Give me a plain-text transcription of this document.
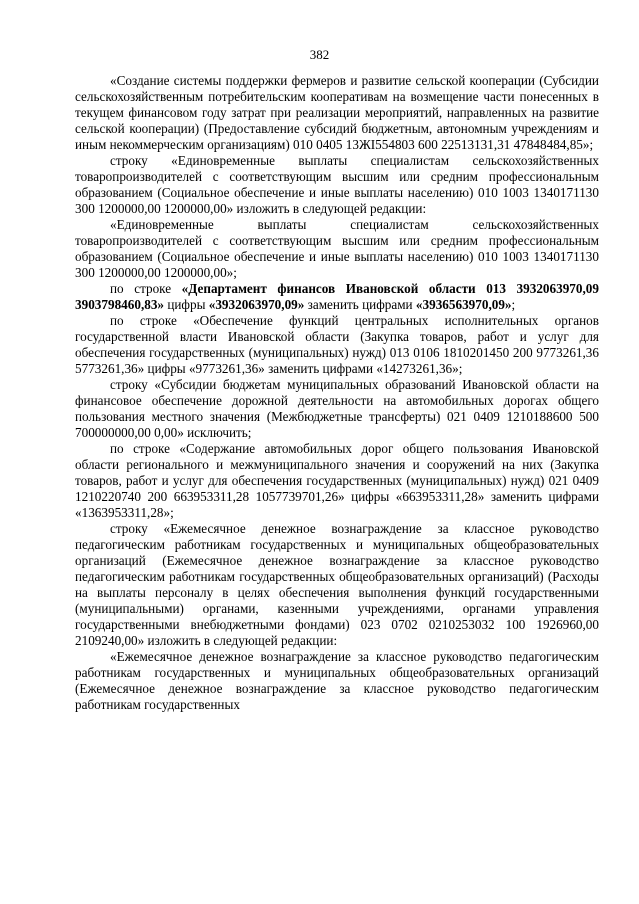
382

«Создание системы поддержки фермеров и развитие сельской кооперации (Субсидии сельскохозяйственным потребительским кооперативам на возмещение части понесенных в текущем финансовом году затрат при реализации мероприятий, направленных на развитие сельской кооперации) (Предоставление субсидий бюджетным, автономным учреждениям и иным некоммерческим организациям) 010 0405 13ЖI554803 600 22513131,31 47848484,85»;

строку «Единовременные выплаты специалистам сельскохозяйственных товаропроизводителей с соответствующим высшим или средним профессиональным образованием (Социальное обеспечение и иные выплаты населению) 010 1003 1340171130 300 1200000,00 1200000,00» изложить в следующей редакции:

«Единовременные выплаты специалистам сельскохозяйственных товаропроизводителей с соответствующим высшим или средним профессиональным образованием (Социальное обеспечение и иные выплаты населению) 010 1003 1340171130 300 1200000,00 1200000,00»;

по строке «Департамент финансов Ивановской области 013 3932063970,09 3903798460,83» цифры «3932063970,09» заменить цифрами «3936563970,09»;

по строке «Обеспечение функций центральных исполнительных органов государственной власти Ивановской области (Закупка товаров, работ и услуг для обеспечения государственных (муниципальных) нужд) 013 0106 1810201450 200 9773261,36 5773261,36» цифры «9773261,36» заменить цифрами «14273261,36»;

строку «Субсидии бюджетам муниципальных образований Ивановской области на финансовое обеспечение дорожной деятельности на автомобильных дорогах общего пользования местного значения (Межбюджетные трансферты) 021 0409 1210188600 500 700000000,00 0,00» исключить;

по строке «Содержание автомобильных дорог общего пользования Ивановской области регионального и межмуниципального значения и сооружений на них (Закупка товаров, работ и услуг для обеспечения государственных (муниципальных) нужд) 021 0409 1210220740 200 663953311,28 1057739701,26» цифры «663953311,28» заменить цифрами «1363953311,28»;

строку «Ежемесячное денежное вознаграждение за классное руководство педагогическим работникам государственных и муниципальных общеобразовательных организаций (Ежемесячное денежное вознаграждение за классное руководство педагогическим работникам государственных общеобразовательных организаций) (Расходы на выплаты персоналу в целях обеспечения выполнения функций государственными (муниципальными) органами, казенными учреждениями, органами управления государственными внебюджетными фондами) 023 0702 0210253032 100 1926960,00 2109240,00» изложить в следующей редакции:

«Ежемесячное денежное вознаграждение за классное руководство педагогическим работникам государственных и муниципальных общеобразовательных организаций (Ежемесячное денежное вознаграждение за классное руководство педагогическим работникам государственных
